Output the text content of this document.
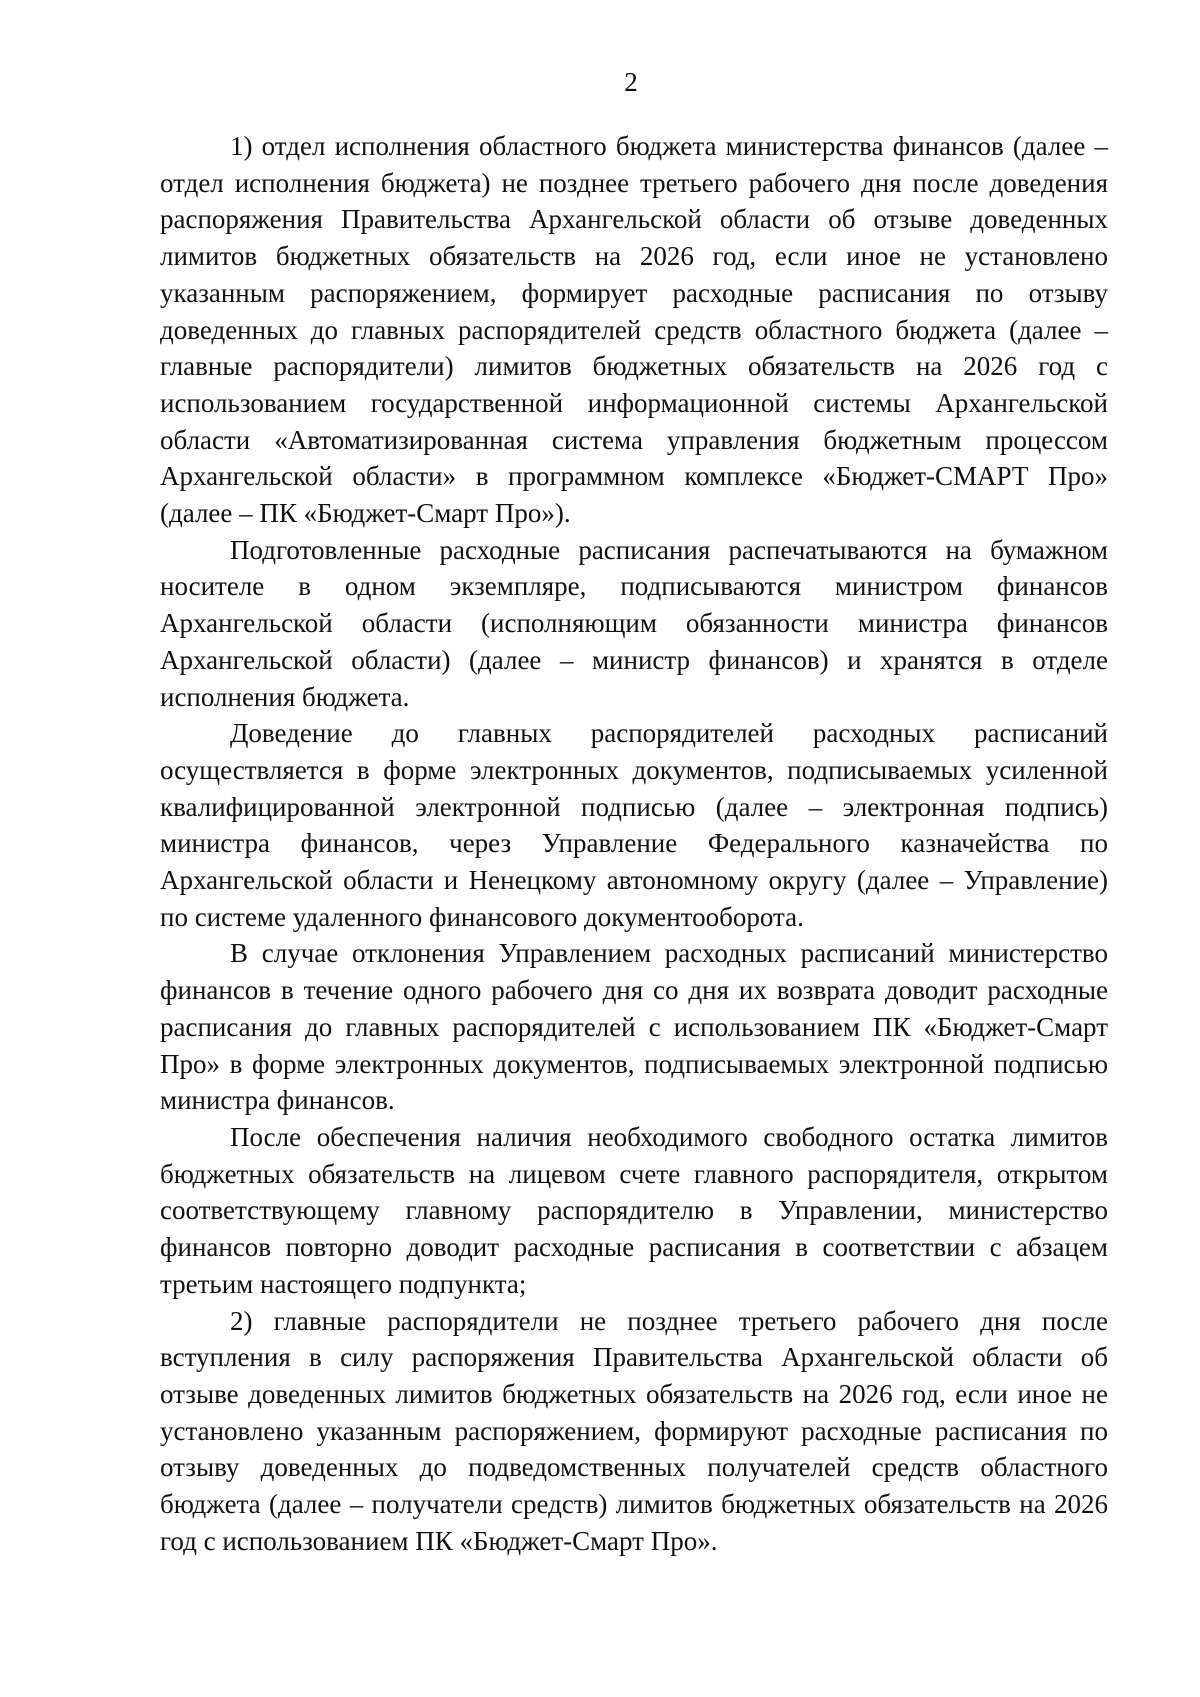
2

1) отдел исполнения областного бюджета министерства финансов (далее – отдел исполнения бюджета) не позднее третьего рабочего дня после доведения распоряжения Правительства Архангельской области об отзыве доведенных лимитов бюджетных обязательств на 2026 год, если иное не установлено указанным распоряжением, формирует расходные расписания по отзыву доведенных до главных распорядителей средств областного бюджета (далее – главные распорядители) лимитов бюджетных обязательств на 2026 год с использованием государственной информационной системы Архангельской области «Автоматизированная система управления бюджетным процессом Архангельской области» в программном комплексе «Бюджет-СМАРТ Про» (далее – ПК «Бюджет-Смарт Про»).

Подготовленные расходные расписания распечатываются на бумажном носителе в одном экземпляре, подписываются министром финансов Архангельской области (исполняющим обязанности министра финансов Архангельской области) (далее – министр финансов) и хранятся в отделе исполнения бюджета.

Доведение до главных распорядителей расходных расписаний осуществляется в форме электронных документов, подписываемых усиленной квалифицированной электронной подписью (далее – электронная подпись) министра финансов, через Управление Федерального казначейства по Архангельской области и Ненецкому автономному округу (далее – Управление) по системе удаленного финансового документооборота.

В случае отклонения Управлением расходных расписаний министерство финансов в течение одного рабочего дня со дня их возврата доводит расходные расписания до главных распорядителей с использованием ПК «Бюджет-Смарт Про» в форме электронных документов, подписываемых электронной подписью министра финансов.

После обеспечения наличия необходимого свободного остатка лимитов бюджетных обязательств на лицевом счете главного распорядителя, открытом соответствующему главному распорядителю в Управлении, министерство финансов повторно доводит расходные расписания в соответствии с абзацем третьим настоящего подпункта;

2) главные распорядители не позднее третьего рабочего дня после вступления в силу распоряжения Правительства Архангельской области об отзыве доведенных лимитов бюджетных обязательств на 2026 год, если иное не установлено указанным распоряжением, формируют расходные расписания по отзыву доведенных до подведомственных получателей средств областного бюджета (далее – получатели средств) лимитов бюджетных обязательств на 2026 год с использованием ПК «Бюджет-Смарт Про».
